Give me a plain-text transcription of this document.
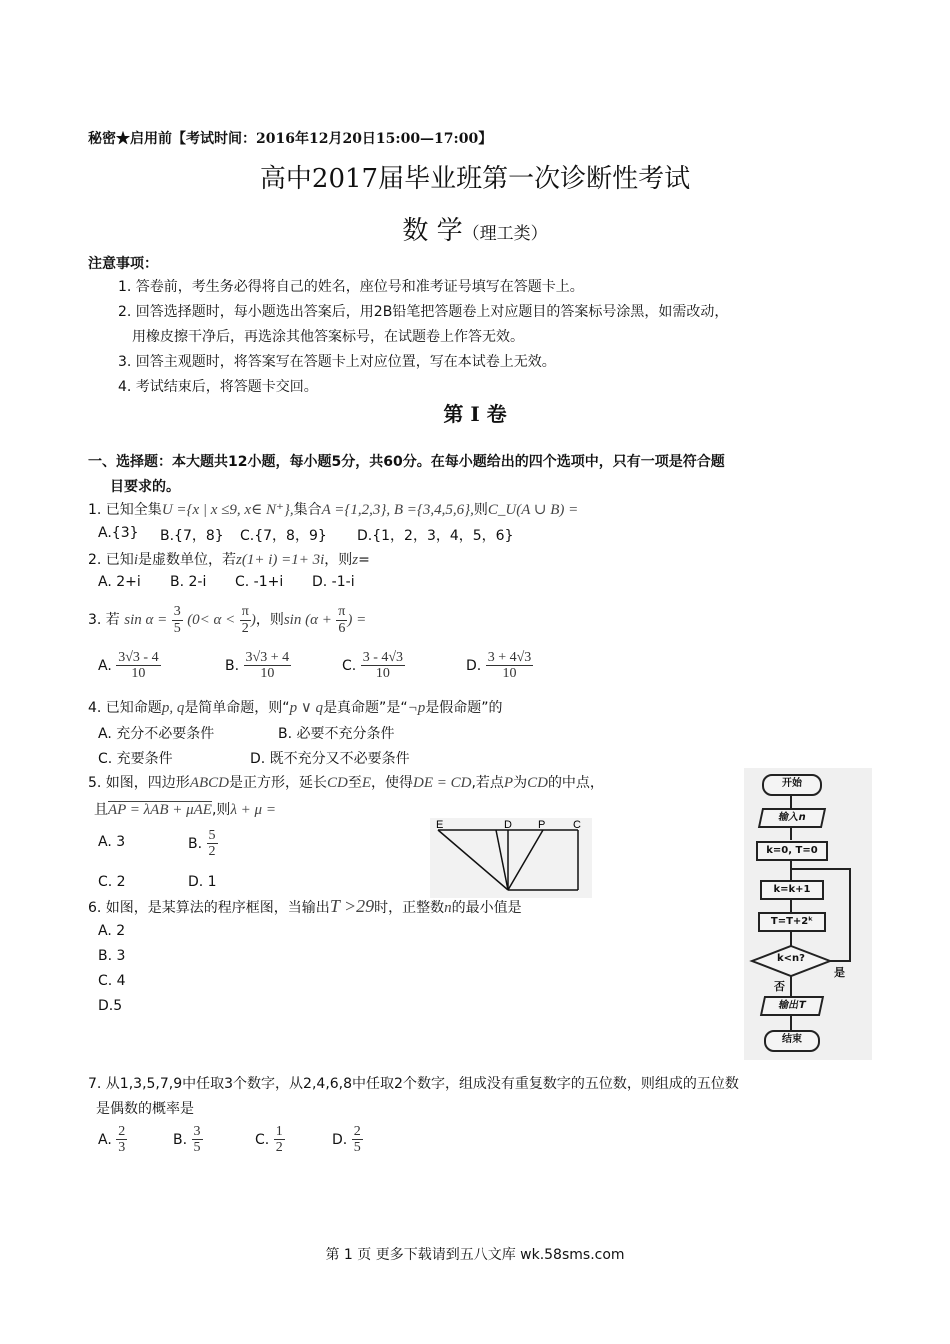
秘密★启用前【考试时间：2016年12月20日15:00—17:00】
高中2017届毕业班第一次诊断性考试
数 学（理工类）
注意事项：
1. 答卷前，考生务必得将自己的姓名，座位号和准考证号填写在答题卡上。
2. 回答选择题时，每小题选出答案后，用2B铅笔把答题卷上对应题目的答案标号涂黑，如需改动，
用橡皮擦干净后，再选涂其他答案标号，在试题卷上作答无效。
3. 回答主观题时，将答案写在答题卡上对应位置，写在本试卷上无效。
4. 考试结束后，将答题卡交回。
第 I 卷
一、选择题：本大题共12小题，每小题5分，共60分。在每小题给出的四个选项中，只有一项是符合题
目要求的。
1. 已知全集U ={x | x ≤9, x∈ N⁺},集合A ={1,2,3}, B ={3,4,5,6},则C_U(A ∪ B) =
A.{3} B.{7，8} C.{7，8，9} D.{1，2，3，4，5，6}
2. 已知i是虚数单位，若z(1+ i) =1+ 3i，则z=
A. 2+i B. 2-i C. -1+i D. -1-i
3. 若 $\sin \alpha = \frac{3}{5} (0< \alpha < \frac{\pi}{2}$ )，则$\sin (\alpha + \frac{\pi}{6}$ ) =
A. $\frac{3√3 - 4}{10}$	B. $\frac{3√3 + 4}{10}$	C. $\frac{3 - 4√3}{10}$	D. $\frac{3 + 4√3}{10}$
4. 已知命题p, q是简单命题，则“p ∨ q是真命题”是“¬p是假命题”的
A. 充分不必要条件	B. 必要不充分条件
C. 充要条件	D. 既不充分又不必要条件
5. 如图，四边形ABCD是正方形，延长CD至E，使得DE = CD,若点P为CD的中点，
且AP = λAB + μAE,则λ + μ =
A. 3	B. $\frac{5}{2}$
C. 2	D. 1
E	D P	C
6. 如图，是某算法的程序框图，当输出T >29时，正整数n的最小值是
A. 2
B. 3
C. 4
D.5
开始
输入n
k=0, T=0
k=k+1
T=T+2ᵏ
k<n?
是
否
输出T
结束
7. 从1,3,5,7,9中任取3个数字，从2,4,6,8中任取2个数字，组成没有重复数字的五位数，则组成的五位数
是偶数的概率是
A. $\frac{2}{3}$	B. $\frac{3}{5}$	C. $\frac{1}{2}$	D. $\frac{2}{5}$
第 1 页 更多下载请到五八文库 wk.58sms.com
